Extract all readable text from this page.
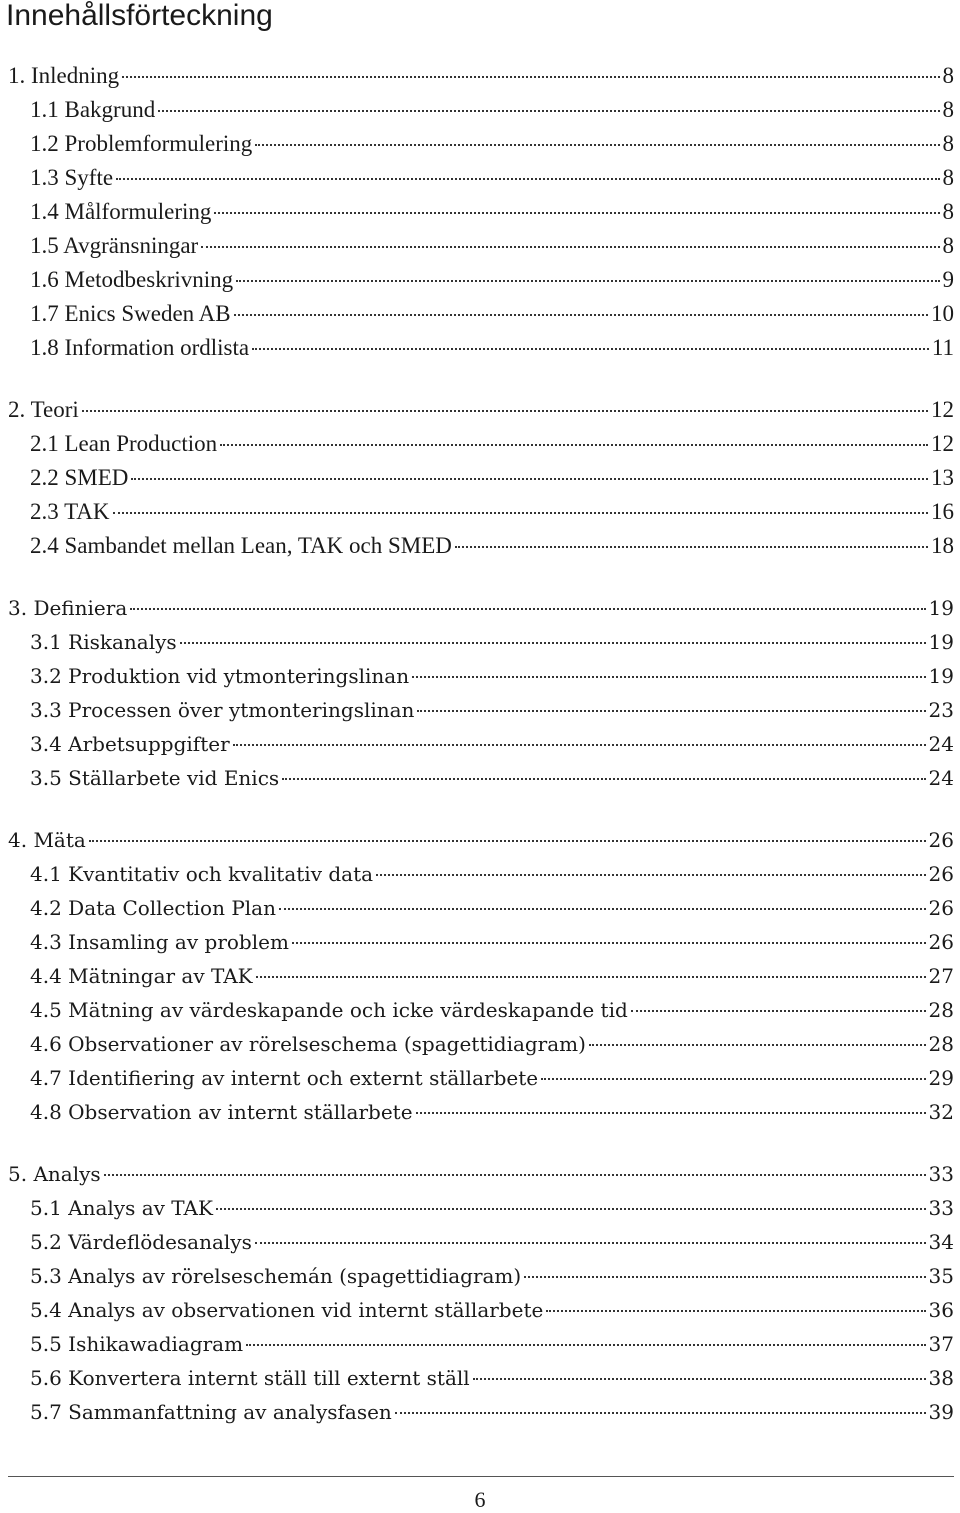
Innehållsförteckning
1. Inledning	8
1.1 Bakgrund	8
1.2 Problemformulering	8
1.3 Syfte	8
1.4 Målformulering	8
1.5 Avgränsningar	8
1.6 Metodbeskrivning	9
1.7 Enics Sweden AB	10
1.8 Information ordlista	11
2. Teori	12
2.1 Lean Production	12
2.2 SMED	13
2.3 TAK	16
2.4 Sambandet mellan Lean, TAK och SMED	18
3. Definiera	19
3.1 Riskanalys	19
3.2 Produktion vid ytmonteringslinan	19
3.3 Processen över ytmonteringslinan	23
3.4 Arbetsuppgifter	24
3.5 Ställarbete vid Enics	24
4. Mäta	26
4.1 Kvantitativ och kvalitativ data	26
4.2 Data Collection Plan	26
4.3 Insamling av problem	26
4.4 Mätningar av TAK	27
4.5 Mätning av värdeskapande och icke värdeskapande tid	28
4.6 Observationer av rörelseschema (spagettidiagram)	28
4.7 Identifiering av internt och externt ställarbete	29
4.8 Observation av internt ställarbete	32
5. Analys	33
5.1 Analys av TAK	33
5.2 Värdeflödesanalys	34
5.3 Analys av rörelseschemán (spagettidiagram)	35
5.4 Analys av observationen vid internt ställarbete	36
5.5 Ishikawadiagram	37
5.6 Konvertera internt ställ till externt ställ	38
5.7 Sammanfattning av analysfasen	39
6
